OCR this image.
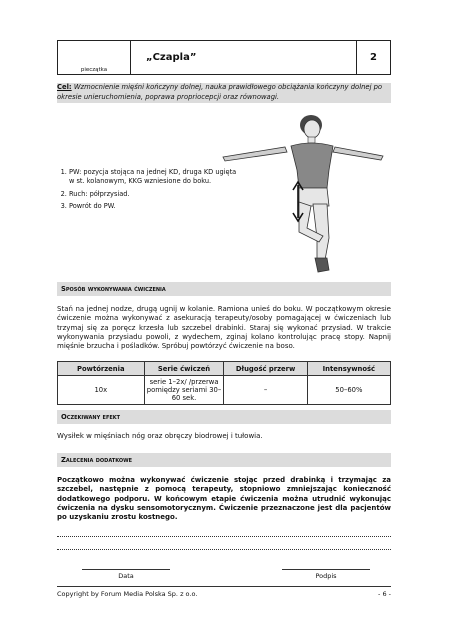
pieczątka
„Czapla”	2
Cel: Wzmocnienie mięśni kończyny dolnej, nauka prawidłowego obciążania kończyny dolnej po okresie unieruchomienia, poprawa propriocepcji oraz równowagi.
1. PW: pozycja stojąca na jednej KD, druga KD ugięta w st. kolanowym, KKG wzniesione do boku.
2. Ruch: półprzysiad.
3. Powrót do PW.
Sposób wykonywania ćwiczenia
Stań na jednej nodze, drugą ugnij w kolanie. Ramiona unieś do boku. W początkowym okresie ćwiczenie można wykonywać z asekuracją terapeuty/osoby pomagającej w ćwiczeniach lub trzymaj się za poręcz krzesła lub szczebel drabinki. Staraj się wykonać przysiad. W trakcie wykonywania przysiadu powoli, z wydechem, zginaj kolano kontrolując pracę stopy. Napnij mięśnie brzucha i pośladków. Spróbuj powtórzyć ćwiczenie na boso.
Powtórzenia	Serie ćwiczeń	Długość przerw	Intensywność
10x	serie 1–2x/ /przerwa pomiędzy seriami 30–60 sek.	–	50–60%
Oczekiwany efekt
Wysiłek w mięśniach nóg oraz obręczy biodrowej i tułowia.
Zalecenia dodatkowe
Początkowo można wykonywać ćwiczenie stojąc przed drabinką i trzymając za szczebel, następnie z pomocą terapeuty, stopniowo zmniejszając konieczność dodatkowego podporu. W końcowym etapie ćwiczenia można utrudnić wykonując ćwiczenia na dysku sensomotorycznym. Ćwiczenie przeznaczone jest dla pacjentów po uzyskaniu zrostu kostnego.
Data	Podpis
Copyright by Forum Media Polska Sp. z o.o.	- 6 -
